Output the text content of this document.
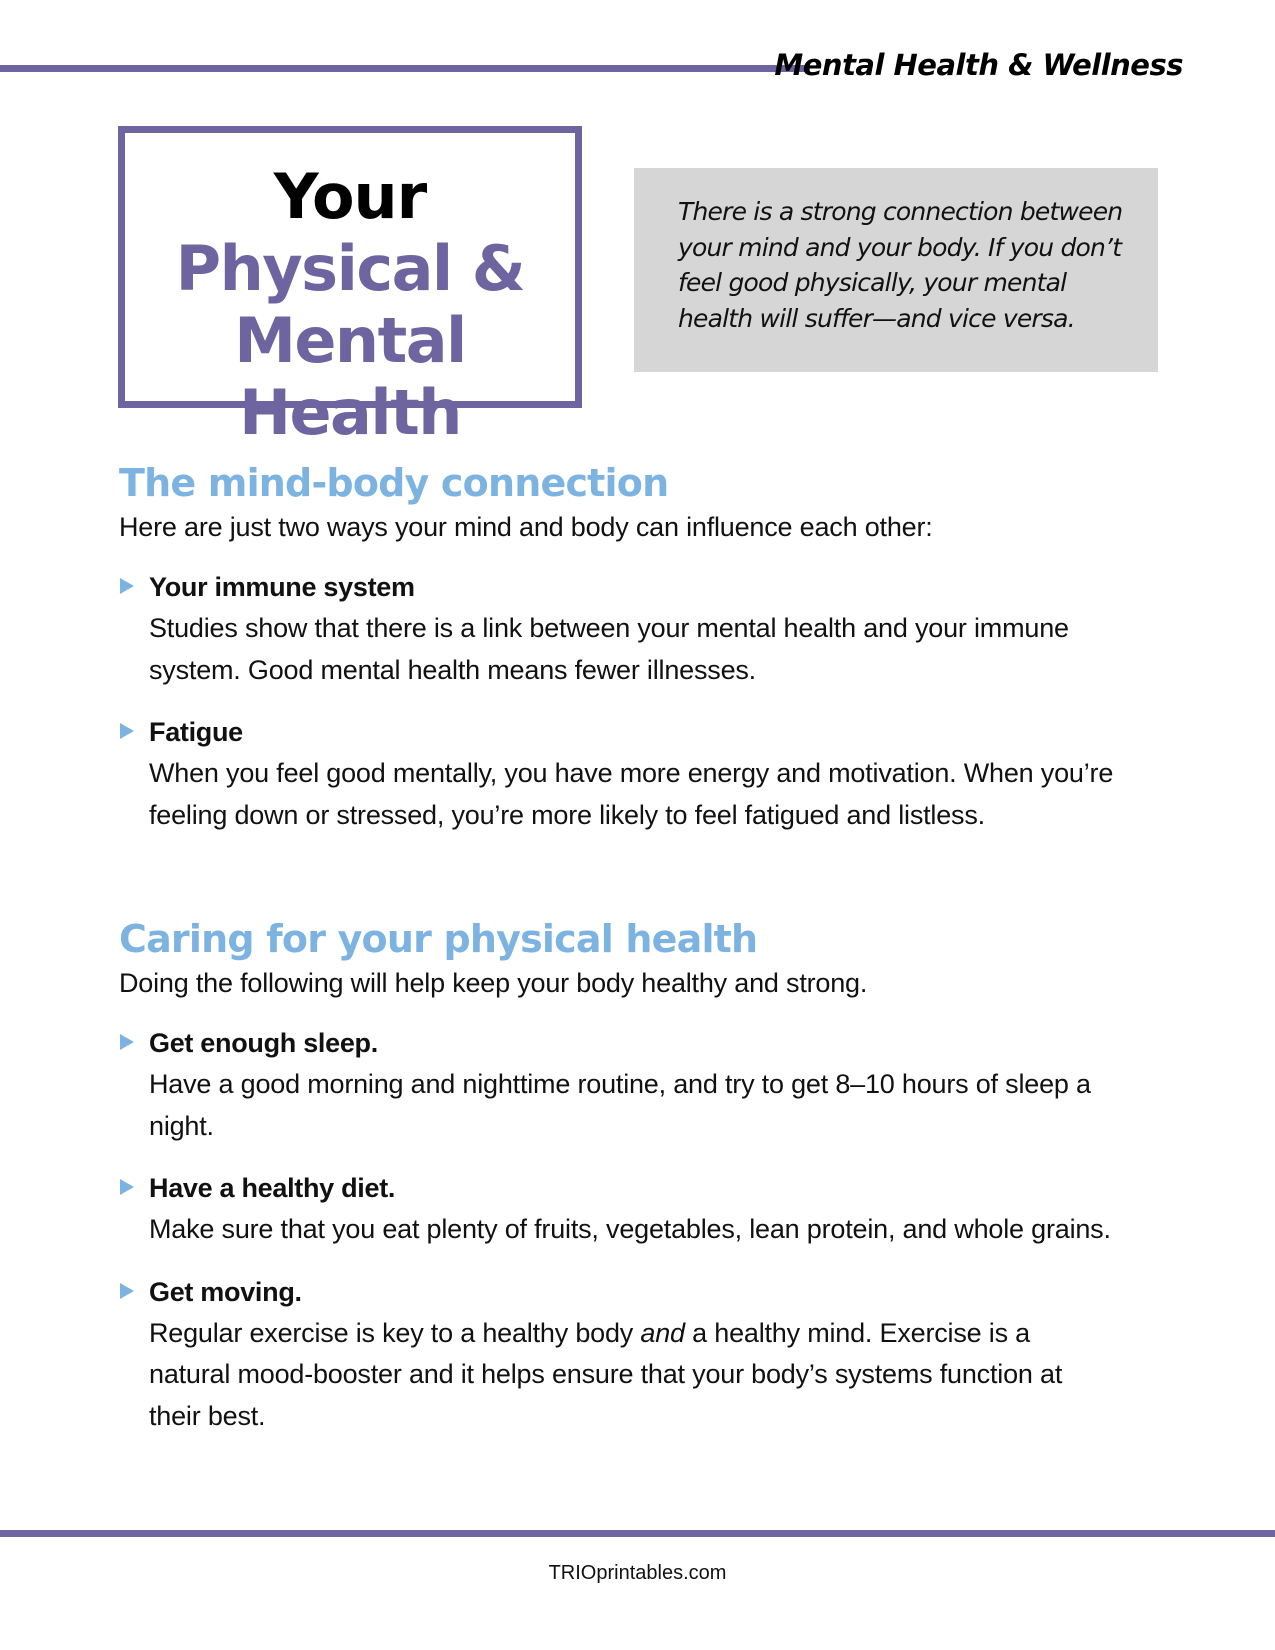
Mental Health & Wellness
Your
Physical &
Mental Health

There is a strong connection between your mind and your body. If you don’t feel good physically, your mental health will suffer—and vice versa.

The mind-body connection

Here are just two ways your mind and body can influence each other:

Your immune system

Studies show that there is a link between your mental health and your immune system. Good mental health means fewer illnesses.

Fatigue

When you feel good mentally, you have more energy and motivation. When you’re feeling down or stressed, you’re more likely to feel fatigued and listless.

Caring for your physical health

Doing the following will help keep your body healthy and strong.

Get enough sleep.

Have a good morning and nighttime routine, and try to get 8–10 hours of sleep a night.

Have a healthy diet.

Make sure that you eat plenty of fruits, vegetables, lean protein, and whole grains.

Get moving.

Regular exercise is key to a healthy body and a healthy mind. Exercise is a natural mood-booster and it helps ensure that your body’s systems function at their best.

TRIOprintables.com
